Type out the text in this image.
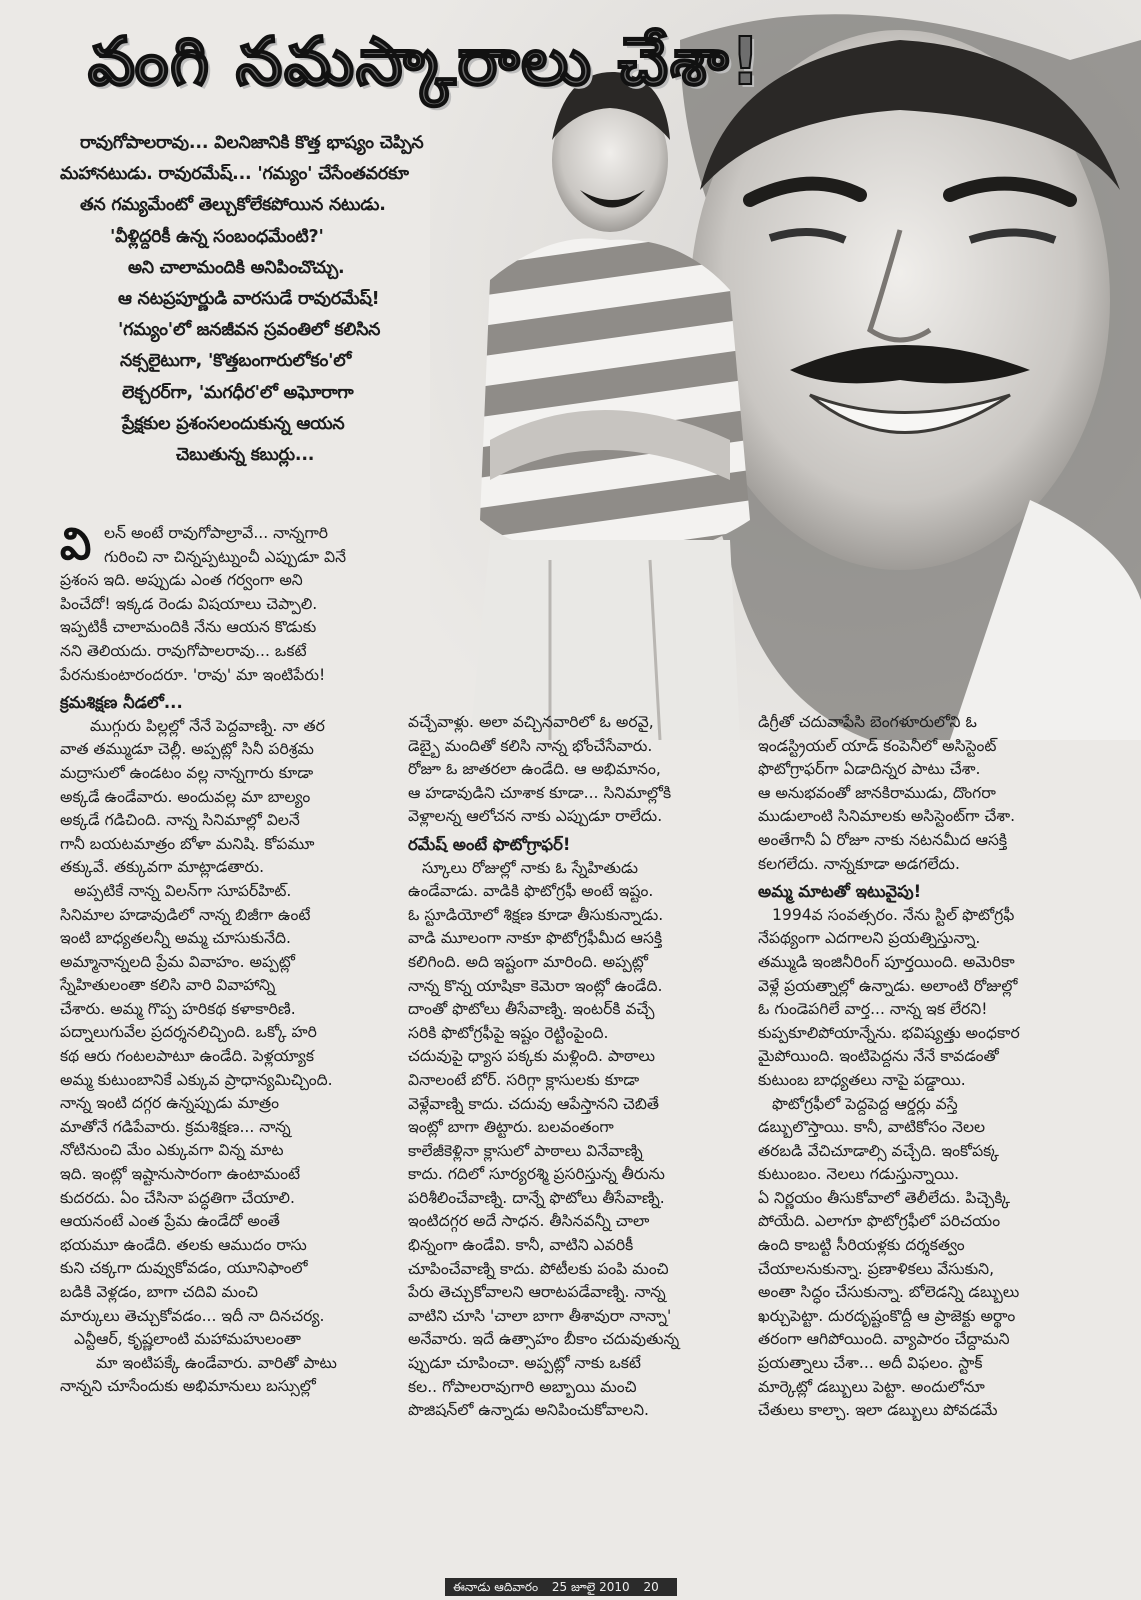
వంగి నమస్కారాలు చేశా!

రావుగోపాలరావు... విలనిజానికి కొత్త భాష్యం చెప్పిన

మహానటుడు. రావురమేష్... 'గమ్యం' చేసేంతవరకూ

తన గమ్యమేంటో తెల్చుకోలేకపోయిన నటుడు.

'వీళ్లిద్దరికీ ఉన్న సంబంధమేంటి?'

అని చాలామందికి అనిపించొచ్చు.

ఆ నటప్రపూర్ణుడి వారసుడే రావురమేష్!

'గమ్యం'లో జనజీవన స్రవంతిలో కలిసిన

నక్సలైటుగా, 'కొత్తబంగారులోకం'లో

లెక్చరర్‌గా, 'మగధీర'లో అఘోరాగా

ప్రేక్షకుల ప్రశంసలందుకున్న ఆయన

చెబుతున్న కబుర్లు...

వి లన్ అంటే రావుగోపాల్రావే... నాన్నగారి

గురించి నా చిన్నప్పట్నుంచీ ఎప్పుడూ వినే

ప్రశంస ఇది. అప్పుడు ఎంత గర్వంగా అని

పించేదో! ఇక్కడ రెండు విషయాలు చెప్పాలి.

ఇప్పటికీ చాలామందికి నేను ఆయన కొడుకు

నని తెలియదు. రావుగోపాలరావు... ఒకటే

పేరనుకుంటారందరూ. 'రావు' మా ఇంటిపేరు!

క్రమశిక్షణ నీడలో...

ముగ్గురు పిల్లల్లో నేనే పెద్దవాణ్ని. నా తర

వాత తమ్ముడూ చెల్లీ. అప్పట్లో సినీ పరిశ్రమ

మద్రాసులో ఉండటం వల్ల నాన్నగారు కూడా

అక్కడే ఉండేవారు. అందువల్ల మా బాల్యం

అక్కడే గడిచింది. నాన్న సినిమాల్లో విలనే

గానీ బయటమాత్రం బోళా మనిషి. కోపమూ

తక్కువే. తక్కువగా మాట్లాడతారు.

అప్పటికే నాన్న విలన్‌గా సూపర్‌హిట్.

సినిమాల హడావుడిలో నాన్న బిజీగా ఉంటే

ఇంటి బాధ్యతలన్నీ అమ్మ చూసుకునేది.

అమ్మానాన్నలది ప్రేమ వివాహం. అప్పట్లో

స్నేహితులంతా కలిసి వారి వివాహాన్ని

చేశారు. అమ్మ గొప్ప హరికథ కళాకారిణి.

పద్నాలుగువేల ప్రదర్శనలిచ్చింది. ఒక్కో హరి

కథ ఆరు గంటలపాటూ ఉండేది. పెళ్లయ్యాక

అమ్మ కుటుంబానికే ఎక్కువ ప్రాధాన్యమిచ్చింది.

నాన్న ఇంటి దగ్గర ఉన్నప్పుడు మాత్రం

మాతోనే గడిపేవారు. క్రమశిక్షణ... నాన్న

నోటినుంచి మేం ఎక్కువగా విన్న మాట

ఇది. ఇంట్లో ఇష్టానుసారంగా ఉంటామంటే

కుదరదు. ఏం చేసినా పద్ధతిగా చేయాలి.

ఆయనంటే ఎంత ప్రేమ ఉండేదో అంతే

భయమూ ఉండేది. తలకు ఆముదం రాసు

కుని చక్కగా దువ్వుకోవడం, యూనిఫాంలో

బడికి వెళ్లడం, బాగా చదివి మంచి

మార్కులు తెచ్చుకోవడం... ఇదీ నా దినచర్య.

ఎన్టీఆర్, కృష్ణలాంటి మహామహులంతా

మా ఇంటిపక్కే ఉండేవారు. వారితో పాటు

నాన్నని చూసేందుకు అభిమానులు బస్సుల్లో

వచ్చేవాళ్లు. అలా వచ్చినవారిలో ఓ అరవై,

డెబ్బై మందితో కలిసి నాన్న భోంచేసేవారు.

రోజూ ఓ జాతరలా ఉండేది. ఆ అభిమానం,

ఆ హడావుడిని చూశాక కూడా... సినిమాల్లోకి

వెళ్లాలన్న ఆలోచన నాకు ఎప్పుడూ రాలేదు.

రమేష్ అంటే ఫొటోగ్రాఫర్!

స్కూలు రోజుల్లో నాకు ఓ స్నేహితుడు

ఉండేవాడు. వాడికి ఫొటోగ్రఫీ అంటే ఇష్టం.

ఓ స్టూడియోలో శిక్షణ కూడా తీసుకున్నాడు.

వాడి మూలంగా నాకూ ఫొటోగ్రఫీమీద ఆసక్తి

కలిగింది. అది ఇష్టంగా మారింది. అప్పట్లో

నాన్న కొన్న యాషికా కెమెరా ఇంట్లో ఉండేది.

దాంతో ఫొటోలు తీసేవాణ్ని. ఇంటర్‌కి వచ్చే

సరికి ఫొటోగ్రఫీపై ఇష్టం రెట్టింపైంది.

చదువుపై ధ్యాస పక్కకు మళ్లింది. పాఠాలు

వినాలంటే బోర్. సరిగ్గా క్లాసులకు కూడా

వెళ్లేవాణ్ని కాదు. చదువు ఆపేస్తానని చెబితే

ఇంట్లో బాగా తిట్టారు. బలవంతంగా

కాలేజీకెళ్లినా క్లాసులో పాఠాలు వినేవాణ్ని

కాదు. గదిలో సూర్యరశ్మి ప్రసరిస్తున్న తీరును

పరిశీలించేవాణ్ని. దాన్నే ఫొటోలు తీసేవాణ్ని.

ఇంటిదగ్గర అదే సాధన. తీసినవన్నీ చాలా

భిన్నంగా ఉండేవి. కానీ, వాటిని ఎవరికీ

చూపించేవాణ్ని కాదు. పోటీలకు పంపి మంచి

పేరు తెచ్చుకోవాలని ఆరాటపడేవాణ్ని. నాన్న

వాటిని చూసి 'చాలా బాగా తీశావురా నాన్నా'

అనేవారు. ఇదే ఉత్సాహం బీకాం చదువుతున్న

ప్పుడూ చూపించా. అప్పట్లో నాకు ఒకటే

కల.. గోపాలరావుగారి అబ్బాయి మంచి

పొజిషన్‌లో ఉన్నాడు అనిపించుకోవాలని.

డిగ్రీతో చదువాపేసి బెంగళూరులోని ఓ

ఇండస్ట్రియల్ యాడ్ కంపెనీలో అసిస్టెంట్

ఫొటోగ్రాఫర్‌గా ఏడాదిన్నర పాటు చేశా.

ఆ అనుభవంతో జానకిరాముడు, దొంగరా

ముడులాంటి సినిమాలకు అసిస్టెంట్‌గా చేశా.

అంతేగానీ ఏ రోజూ నాకు నటనమీద ఆసక్తి

కలగలేదు. నాన్నకూడా అడగలేదు.

అమ్మ మాటతో ఇటువైపు!

1994వ సంవత్సరం. నేను స్టిల్ ఫొటోగ్రఫీ

నేపథ్యంగా ఎదగాలని ప్రయత్నిస్తున్నా.

తమ్ముడి ఇంజినీరింగ్ పూర్తయింది. అమెరికా

వెళ్లే ప్రయత్నాల్లో ఉన్నాడు. అలాంటి రోజుల్లో

ఓ గుండెపగిలే వార్త... నాన్న ఇక లేరని!

కుప్పకూలిపోయాన్నేను. భవిష్యత్తు అంధకార

మైపోయింది. ఇంటిపెద్దను నేనే కావడంతో

కుటుంబ బాధ్యతలు నాపై పడ్డాయి.

ఫొటోగ్రఫీలో పెద్దపెద్ద ఆర్డర్లు వస్తే

డబ్బులొస్తాయి. కానీ, వాటికోసం నెలల

తరబడి వేచిచూడాల్సి వచ్చేది. ఇంకోపక్క

కుటుంబం. నెలలు గడుస్తున్నాయి.

ఏ నిర్ణయం తీసుకోవాలో తెలీలేదు. పిచ్చెక్కి

పోయేది. ఎలాగూ ఫొటోగ్రఫీలో పరిచయం

ఉంది కాబట్టి సీరియళ్లకు దర్శకత్వం

చేయాలనుకున్నా. ప్రణాళికలు వేసుకుని,

అంతా సిద్ధం చేసుకున్నా. బోలెడన్ని డబ్బులు

ఖర్చుపెట్టా. దురదృష్టంకొద్దీ ఆ ప్రాజెక్టు అర్థాం

తరంగా ఆగిపోయింది. వ్యాపారం చేద్దామని

ప్రయత్నాలు చేశా... అదీ విఫలం. స్టాక్

మార్కెట్లో డబ్బులు పెట్టా. అందులోనూ

చేతులు కాల్చా. ఇలా డబ్బులు పోవడమే

ఈనాడు ఆదివారం 25 జూలై 2010 20
